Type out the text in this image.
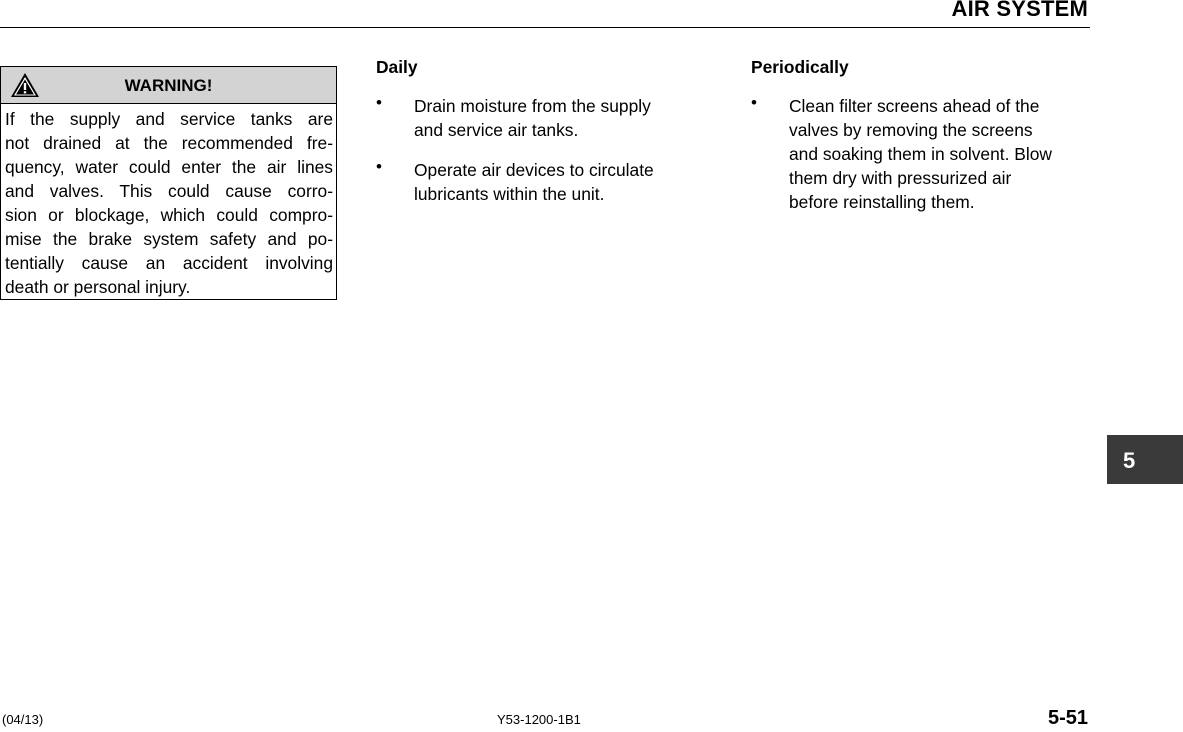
AIR SYSTEM
WARNING!
If the supply and service tanks are
not drained at the recommended fre-
quency, water could enter the air lines
and valves. This could cause corro-
sion or blockage, which could compro-
mise the brake system safety and po-
tentially cause an accident involving
death or personal injury.
Daily
• Drain moisture from the supply
and service air tanks.
• Operate air devices to circulate
lubricants within the unit.
Periodically
• Clean filter screens ahead of the
valves by removing the screens
and soaking them in solvent. Blow
them dry with pressurized air
before reinstalling them.
5
(04/13)	Y53-1200-1B1	5-51
